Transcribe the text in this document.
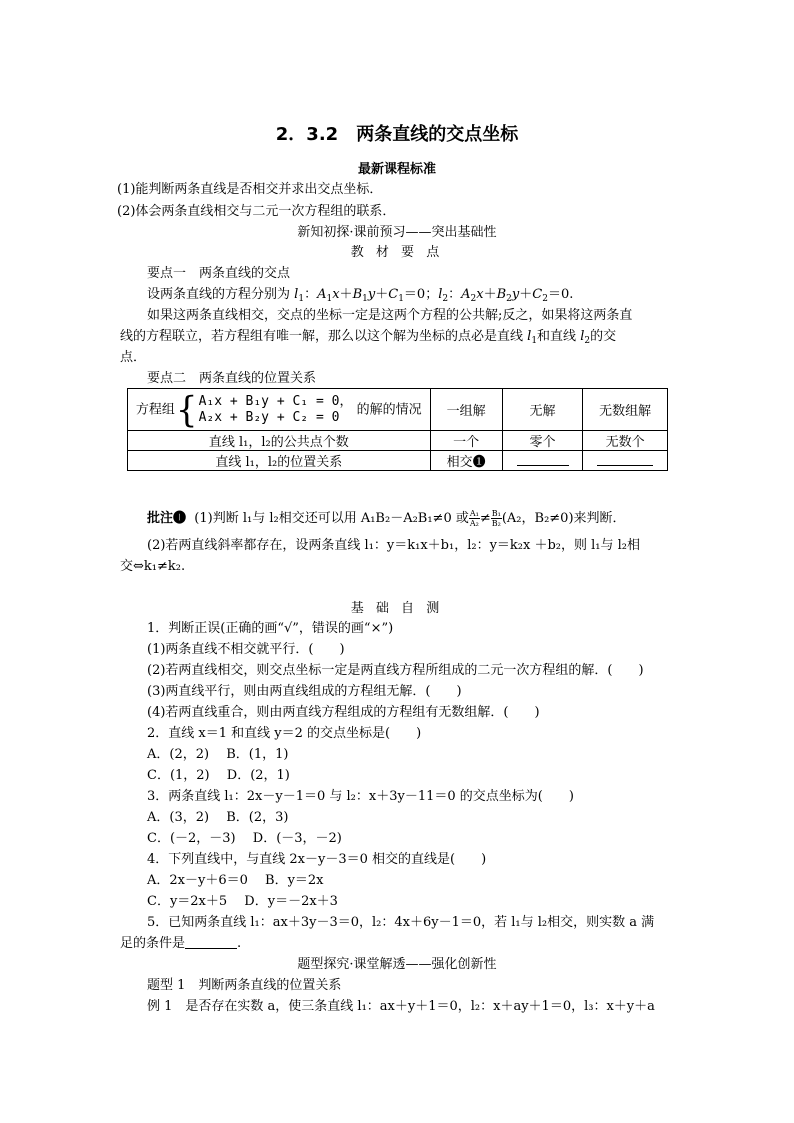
2．3.2　两条直线的交点坐标
最新课程标准
(1)能判断两条直线是否相交并求出交点坐标．
(2)体会两条直线相交与二元一次方程组的联系．
新知初探·课前预习——突出基础性
教 材 要 点
要点一　两条直线的交点
设两条直线的方程分别为 $l_1$：$A_1x+B_1y+C_1=0$；$l_2$：$A_2x+B_2y+C_2=0$.
如果这两条直线相交，交点的坐标一定是这两个方程的公共解;反之，如果将这两条直
线的方程联立，若方程组有唯一解，那么以这个解为坐标的点必是直线 $l_1$和直线 $l_2$的交
点．
要点二　两条直线的位置关系
方程组 { A₁x + B₁y + C₁ = 0，
A₂x + B₂y + C₂ = 0 的解的情况	一组解	无解	无数组解
直线 l₁，l₂的公共点个数	一个	零个	无数个
直线 l₁，l₂的位置关系	相交❶		
批注❶ (1)判断 l₁与 l₂相交还可以用 A₁B₂－A₂B₁≠0 或 $\frac{\text{A₁}}{\text{A₂}} \ne \frac{\text{B₁}}{\text{B₂}} (A_2$，B₂≠0)来判断．
(2)若两直线斜率都存在，设两条直线 l₁：y＝k₁x＋b₁，l₂：y＝k₂x ＋b₂，则 l₁与 l₂相
交⇔k₁≠k₂.
基 础 自 测
1．判断正误(正确的画“√”，错误的画“×”)
(1)两条直线不相交就平行．(　　)
(2)若两直线相交，则交点坐标一定是两直线方程所组成的二元一次方程组的解．(　　)
(3)两直线平行，则由两直线组成的方程组无解．(　　)
(4)若两直线重合，则由两直线方程组成的方程组有无数组解．(　　)
2．直线 x＝1 和直线 y＝2 的交点坐标是(　　)
A．(2，2)　 B．(1，1)
C．(1，2)　 D．(2，1)
3．两条直线 l₁：2x－y－1＝0 与 l₂：x＋3y－11＝0 的交点坐标为(　　)
A．(3，2)　 B．(2，3)
C．(－2，－3)　 D．(－3，－2)
4．下列直线中，与直线 2x－y－3＝0 相交的直线是(　　)
A．2x－y＋6＝0　 B．y＝2x
C．y＝2x＋5　 D．y＝－2x＋3
5．已知两条直线 l₁：ax＋3y－3＝0，l₂：4x＋6y－1＝0，若 l₁与 l₂相交，则实数 a 满
足的条件是	.
题型探究·课堂解透——强化创新性
题型 1　判断两条直线的位置关系
例 1　是否存在实数 a，使三条直线 l₁：ax＋y＋1＝0，l₂：x＋ay＋1＝0，l₃：x＋y＋a
